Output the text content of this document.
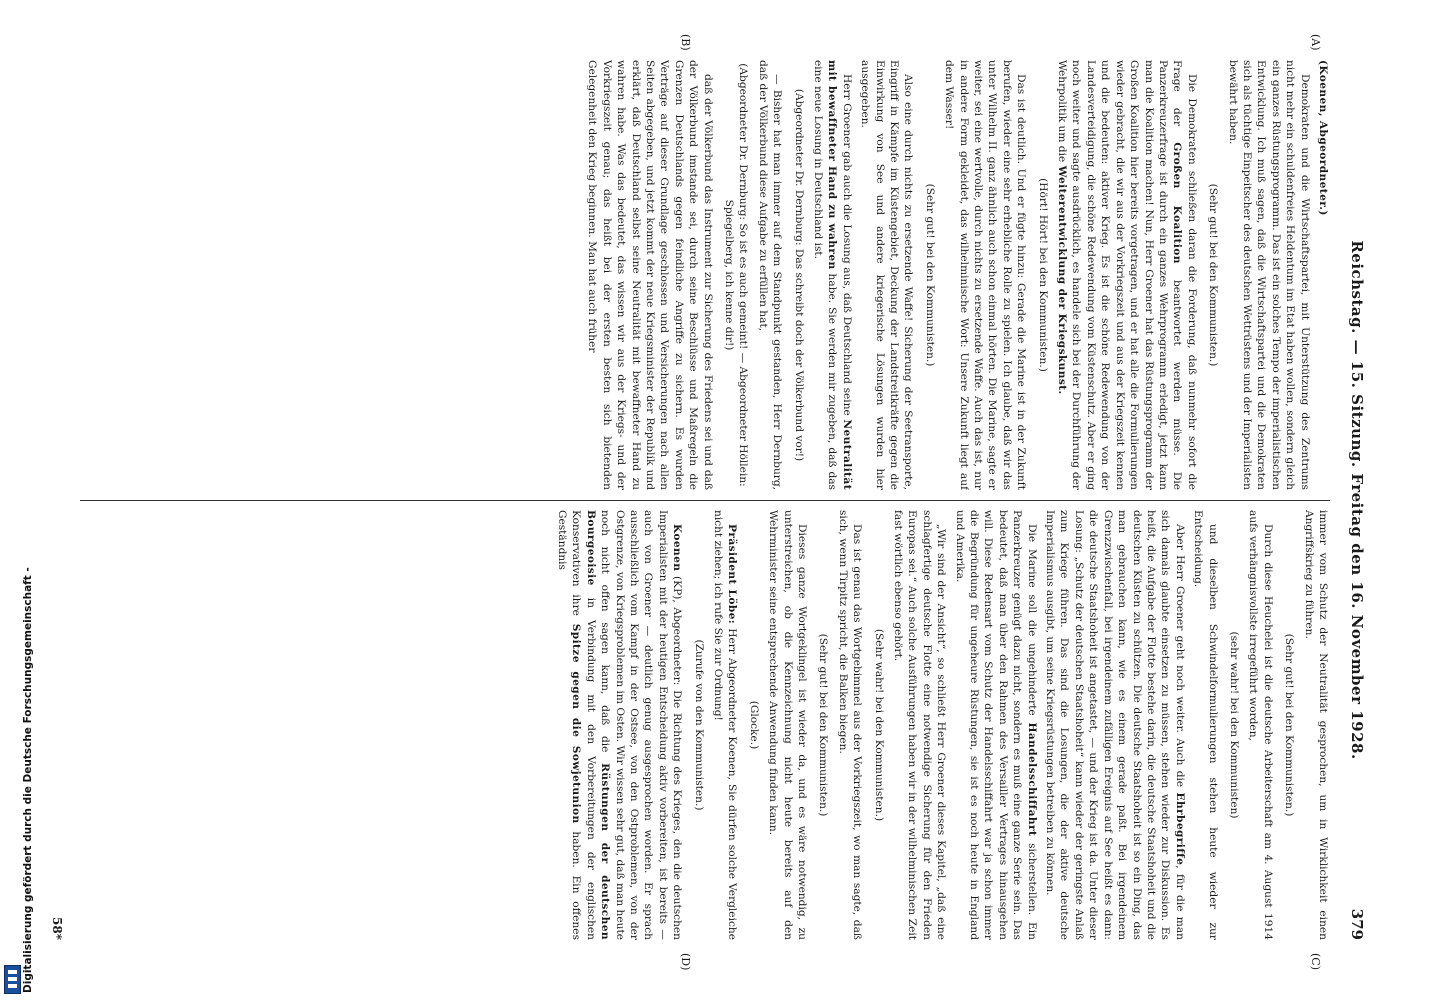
Reichstag. — 15. Sitzung. Freitag den 16. November 1928.
379
(A)
(B)
(C)
(D)

(Koenen, Abgeordneter.)

Demokraten und die Wirtschaftspartei, mit Unterstützung des Zentrums nicht mehr ein schuldenfreies Heldentum im Etat haben wollen, sondern gleich ein ganzes Rüstungsprogramm. Das ist ein solches Tempo der imperialistischen Entwicklung. Ich muß sagen, daß die Wirtschaftspartei und die Demokraten sich als tüchtige Einpeitscher des deutschen Wettrüstens und der Imperialisten bewährt haben.

(Sehr gut! bei den Kommunisten.)

Die Demokraten schließen daran die Forderung, daß nunmehr sofort die Frage der Großen Koalition beantwortet werden müsse. Die Panzerkreuzerfrage ist durch ein ganzes Wehrprogramm erledigt, jetzt kann man die Koalition machen! Nun, Herr Groener hat das Rüstungsprogramm der Großen Koalition hier bereits vorgetragen, und er hat alle die Formulierungen wieder gebracht, die wir aus der Vorkriegszeit und aus der Kriegszeit kennen und die bedeuten: aktiver Krieg. Es ist die schöne Redewendung von der Landesverteidigung, die schöne Redewendung vom Küstenschutz. Aber er ging noch weiter und sagte ausdrücklich, es handele sich bei der Durchführung der Wehrpolitik um die Weiterentwicklung der Kriegskunst.

(Hört! Hört! bei den Kommunisten.)

Das ist deutlich. Und er fügte hinzu: Gerade die Marine ist in der Zukunft berufen, wieder eine sehr erhebliche Rolle zu spielen. Ich glaube, daß wir das unter Wilhelm II. ganz ähnlich auch schon einmal hörten. Die Marine, sagte er weiter, sei eine wertvolle, durch nichts zu ersetzende Waffe. Auch das ist, nur in andere Form gekleidet, das wilhelminische Wort: Unsere Zukunft liegt auf dem Wasser!

(Sehr gut! bei den Kommunisten.)

Also eine durch nichts zu ersetzende Waffe! Sicherung der Seetransporte, Eingriff in Kämpfe im Küstengebiet, Deckung der Landstreitkräfte gegen die Einwirkung von See und andere kriegerische Lösungen wurden hier ausgegeben.

Herr Groener gab auch die Losung aus, daß Deutschland seine Neutralität mit bewaffneter Hand zu wahren habe. Sie werden mir zugeben, daß das eine neue Losung in Deutschland ist.

(Abgeordneter Dr. Dernburg: Das schreibt doch der Völkerbund vor!)

— Bisher hat man immer auf dem Standpunkt gestanden, Herr Dernburg, daß der Völkerbund diese Aufgabe zu erfüllen hat,

(Abgeordneter Dr. Dernburg: So ist es auch gemeint! — Abgeordneter Höllein: Spiegelberg, ich kenne dir!)

daß der Völkerbund das Instrument zur Sicherung des Friedens sei und daß der Völkerbund imstande sei, durch seine Beschlüsse und Maßregeln die Grenzen Deutschlands gegen feindliche Angriffe zu sichern. Es wurden Verträge auf dieser Grundlage geschlossen und Versicherungen nach allen Seiten abgegeben, und jetzt kommt der neue Kriegsminister der Republik und erklärt, daß Deutschland selbst seine Neutralität mit bewaffneter Hand zu wahren habe. Was das bedeutet, das wissen wir aus der Kriegs- und der Vorkriegszeit genau; das heißt bei der ersten besten sich bietenden Gelegenheit den Krieg beginnen. Man hat auch früher

immer vom Schutz der Neutralität gesprochen, um in Wirklichkeit einen Angriffskrieg zu führen.

(Sehr gut! bei den Kommunisten.)

Durch diese Heuchelei ist die deutsche Arbeiterschaft am 4. August 1914 aufs verhängnisvollste irregeführt worden,

(sehr wahr! bei den Kommunisten)

und dieselben Schwindelformulierungen stehen heute wieder zur Entscheidung.

Aber Herr Groener geht noch weiter. Auch die Ehrbegriffe, für die man sich damals glaubte einsetzen zu müssen, stehen wieder zur Diskussion. Es heißt, die Aufgabe der Flotte bestehe darin, die deutsche Staatshoheit und die deutschen Küsten zu schützen. Die deutsche Staatshoheit ist so ein Ding, das man gebrauchen kann, wie es einem gerade paßt. Bei irgendeinem Grenzzwischenfall, bei irgendeinem zufälligen Ereignis auf See heißt es dann: die deutsche Staatshoheit ist angetastet, — und der Krieg ist da. Unter dieser Losung: „Schutz der deutschen Staatshoheit“ kann wieder der geringste Anlaß zum Kriege führen. Das sind die Losungen, die der aktive deutsche Imperialismus ausgibt, um seine Kriegsrüstungen betreiben zu können.

Die Marine soll die ungehinderte Handelsschiffahrt sicherstellen. Ein Panzerkreuzer genügt dazu nicht, sondern es muß eine ganze Serie sein. Das bedeutet, daß man über den Rahmen des Versailler Vertrages hinausgehen will. Diese Redensart vom Schutz der Handelsschiffahrt war ja schon immer die Begründung für ungeheure Rüstungen, sie ist es noch heute in England und Amerika.

„Wir sind der Ansicht“, so schließt Herr Groener dieses Kapitel, „daß eine schlagfertige deutsche Flotte eine notwendige Sicherung für den Frieden Europas sei.“ Auch solche Ausführungen haben wir in der wilhelminischen Zeit fast wörtlich ebenso gehört.

(Sehr wahr! bei den Kommunisten.)

Das ist genau das Wortgebimmel aus der Vorkriegszeit, wo man sagte, daß sich, wenn Tirpitz spricht, die Balken biegen.

(Sehr gut! bei den Kommunisten.)

Dieses ganze Wortgeklingel ist wieder da, und es wäre notwendig, zu unterstreichen, ob die Kennzeichnung nicht heute bereits auf den Wehrminister seine entsprechende Anwendung finden kann.

(Glocke.)

Präsident Löbe: Herr Abgeordneter Koenen, Sie dürfen solche Vergleiche nicht ziehen; ich rufe Sie zur Ordnung!

(Zurufe von den Kommunisten.)

Koenen (KP), Abgeordneter: Die Richtung des Krieges, den die deutschen Imperialisten mit der heutigen Entscheidung aktiv vorbereiten, ist bereits — auch von Groener — deutlich genug ausgesprochen worden. Er sprach ausschließlich vom Kampf in der Ostsee, von den Ostproblemen, von der Ostgrenze, von Kriegsproblemen im Osten. Wir wissen sehr gut, daß man heute noch nicht offen sagen kann, daß die Rüstungen der deutschen Bourgeoisie in Verbindung mit den Vorbereitungen der englischen Konservativen ihre Spitze gegen die Sowjetunion haben. Ein offenes Geständnis

58*
Digitalisierung gefördert durch die Deutsche Forschungsgemeinschaft -
